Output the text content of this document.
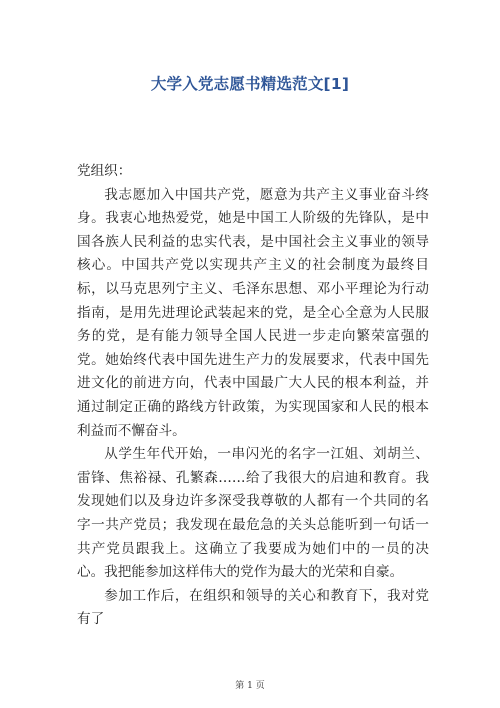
大学入党志愿书精选范文[1]

党组织：

我志愿加入中国共产党，愿意为共产主义事业奋斗终身。我衷心地热爱党，她是中国工人阶级的先锋队，是中国各族人民利益的忠实代表，是中国社会主义事业的领导核心。中国共产党以实现共产主义的社会制度为最终目标，以马克思列宁主义、毛泽东思想、邓小平理论为行动指南，是用先进理论武装起来的党，是全心全意为人民服务的党，是有能力领导全国人民进一步走向繁荣富强的党。她始终代表中国先进生产力的发展要求，代表中国先进文化的前进方向，代表中国最广大人民的根本利益，并通过制定正确的路线方针政策，为实现国家和人民的根本利益而不懈奋斗。

从学生年代开始，一串闪光的名字一江姐、刘胡兰、雷锋、焦裕禄、孔繁森……给了我很大的启迪和教育。我发现她们以及身边许多深受我尊敬的人都有一个共同的名字一共产党员；我发现在最危急的关头总能听到一句话一共产党员跟我上。这确立了我要成为她们中的一员的决心。我把能参加这样伟大的党作为最大的光荣和自豪。

参加工作后，在组织和领导的关心和教育下，我对党有了

第 1 页
